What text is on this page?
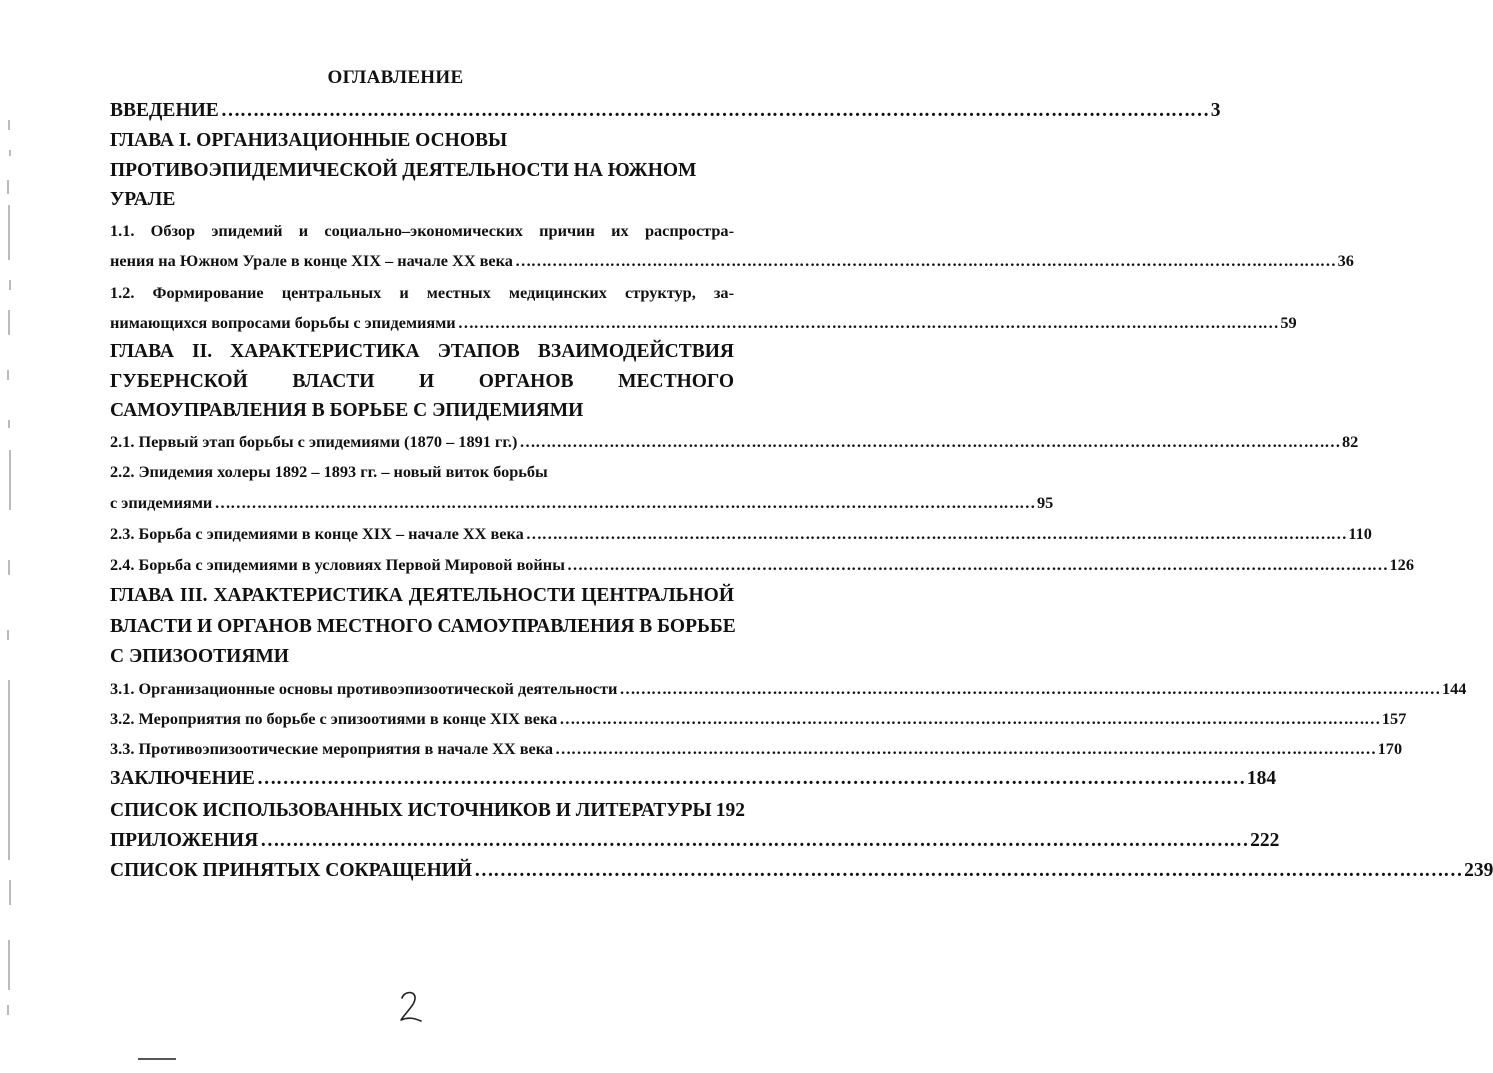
ОГЛАВЛЕНИЕ
ВВЕДЕНИЕ …………………………………………………………………………………………………………………………………………	3
ГЛАВА I. ОРГАНИЗАЦИОННЫЕ ОСНОВЫ
ПРОТИВОЭПИДЕМИЧЕСКОЙ ДЕЯТЕЛЬНОСТИ НА ЮЖНОМ
УРАЛЕ
1.1. Обзор эпидемий и социально–экономических причин их распростра-
нения на Южном Урале в конце XIX – начале XX века …………………………………………………………………………………………………………………………………………	36
1.2. Формирование центральных и местных медицинских структур, за-
нимающихся вопросами борьбы с эпидемиями …………………………………………………………………………………………………………………………………………	59
ГЛАВА II. ХАРАКТЕРИСТИКА ЭТАПОВ ВЗАИМОДЕЙСТВИЯ
ГУБЕРНСКОЙ ВЛАСТИ И ОРГАНОВ МЕСТНОГО
САМОУПРАВЛЕНИЯ В БОРЬБЕ С ЭПИДЕМИЯМИ
2.1. Первый этап борьбы с эпидемиями (1870 – 1891 гг.) …………………………………………………………………………………………………………………………………………	82
2.2. Эпидемия холеры 1892 – 1893 гг. – новый виток борьбы
с эпидемиями …………………………………………………………………………………………………………………………………………	95
2.3. Борьба с эпидемиями в конце XIX – начале XX века …………………………………………………………………………………………………………………………………………	110
2.4. Борьба с эпидемиями в условиях Первой Мировой войны …………………………………………………………………………………………………………………………………………	126
ГЛАВА III. ХАРАКТЕРИСТИКА ДЕЯТЕЛЬНОСТИ ЦЕНТРАЛЬНОЙ
ВЛАСТИ И ОРГАНОВ МЕСТНОГО САМОУПРАВЛЕНИЯ В БОРЬБЕ
С ЭПИЗООТИЯМИ
3.1. Организационные основы противоэпизоотической деятельности …………………………………………………………………………………………………………………………………………	144
3.2. Мероприятия по борьбе с эпизоотиями в конце XIX века …………………………………………………………………………………………………………………………………………	157
3.3. Противоэпизоотические мероприятия в начале XX века …………………………………………………………………………………………………………………………………………	170
ЗАКЛЮЧЕНИЕ …………………………………………………………………………………………………………………………………………	184
СПИСОК ИСПОЛЬЗОВАННЫХ ИСТОЧНИКОВ И ЛИТЕРАТУРЫ 192
ПРИЛОЖЕНИЯ …………………………………………………………………………………………………………………………………………	222
СПИСОК ПРИНЯТЫХ СОКРАЩЕНИЙ …………………………………………………………………………………………………………………………………………	239
